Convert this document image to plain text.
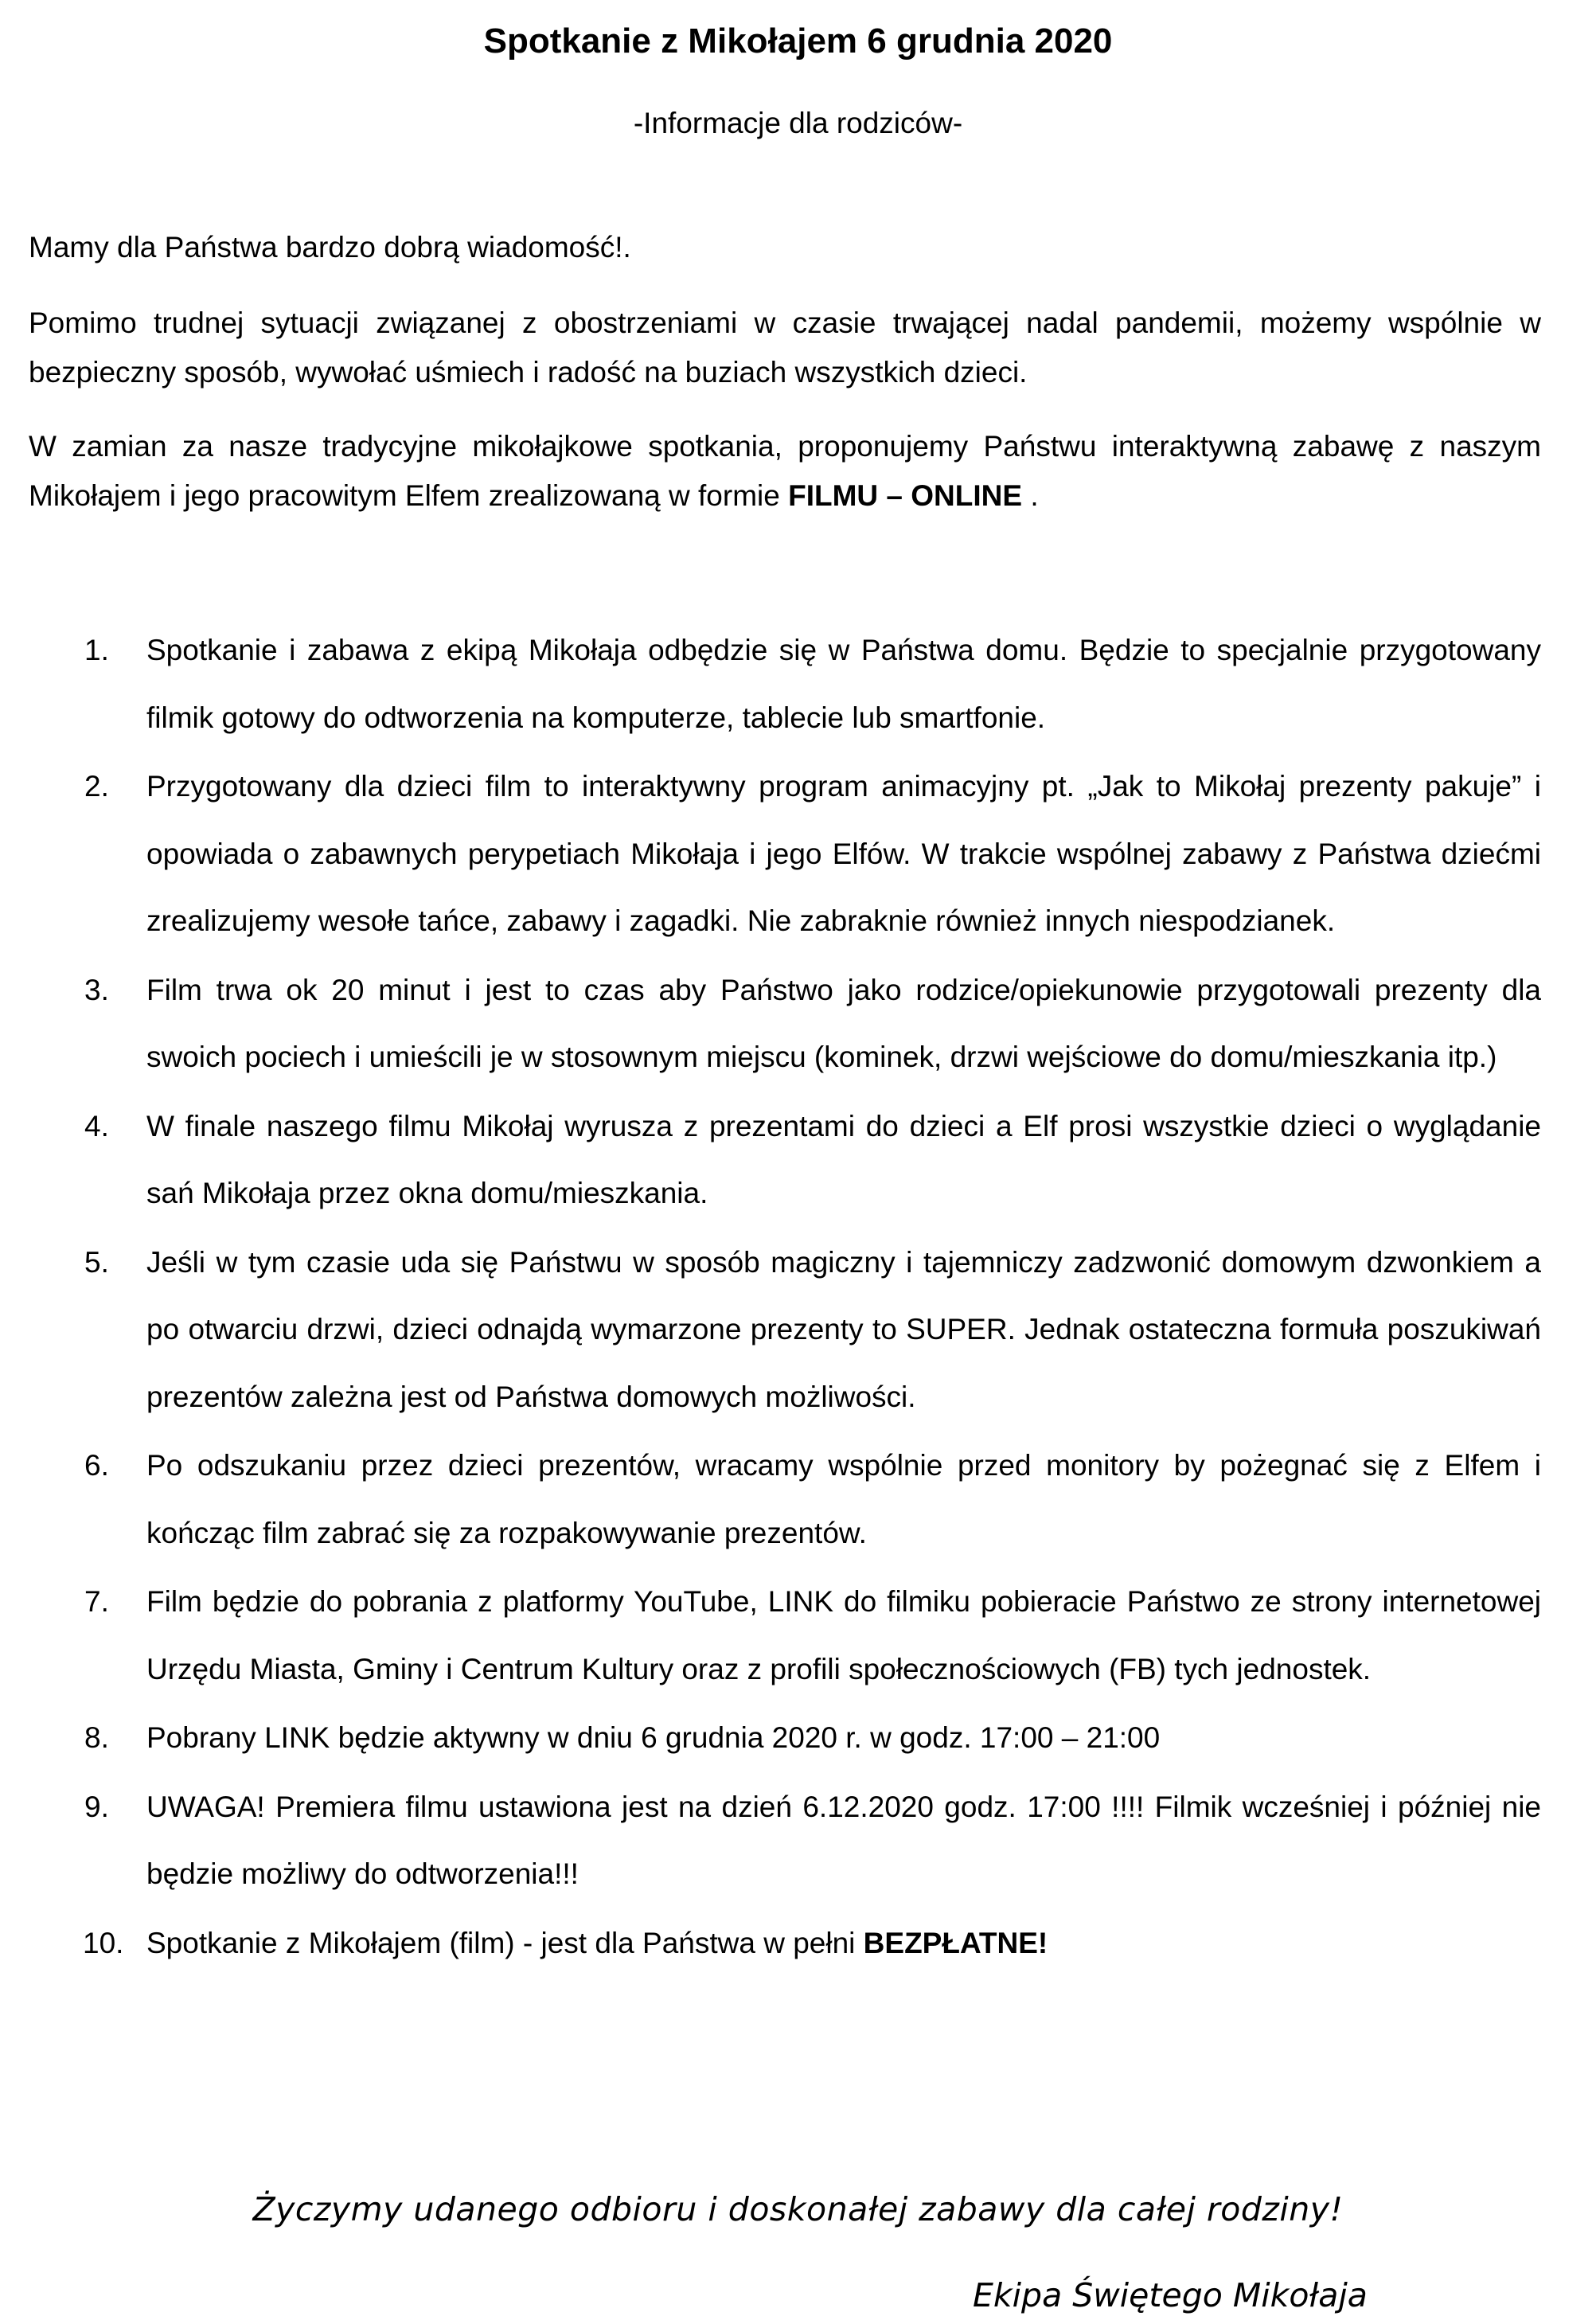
Spotkanie z Mikołajem 6 grudnia 2020

-Informacje dla rodziców-

Mamy dla Państwa bardzo dobrą wiadomość!.

Pomimo trudnej sytuacji związanej z obostrzeniami w czasie trwającej nadal pandemii, możemy wspólnie w bezpieczny sposób, wywołać uśmiech i radość na buziach wszystkich dzieci.

W zamian za nasze tradycyjne mikołajkowe spotkania, proponujemy Państwu interaktywną zabawę z naszym Mikołajem i jego pracowitym Elfem zrealizowaną w formie FILMU – ONLINE .

1. Spotkanie i zabawa z ekipą Mikołaja odbędzie się w Państwa domu. Będzie to specjalnie przygotowany filmik gotowy do odtworzenia na komputerze, tablecie lub smartfonie.
2. Przygotowany dla dzieci film to interaktywny program animacyjny pt. „Jak to Mikołaj prezenty pakuje” i opowiada o zabawnych perypetiach Mikołaja i jego Elfów. W trakcie wspólnej zabawy z Państwa dziećmi zrealizujemy wesołe tańce, zabawy i zagadki. Nie zabraknie również innych niespodzianek.
3. Film trwa ok 20 minut i jest to czas aby Państwo jako rodzice/opiekunowie przygotowali prezenty dla swoich pociech i umieścili je w stosownym miejscu (kominek, drzwi wejściowe do domu/mieszkania itp.)
4. W finale naszego filmu Mikołaj wyrusza z prezentami do dzieci a Elf prosi wszystkie dzieci o wyglądanie sań Mikołaja przez okna domu/mieszkania.
5. Jeśli w tym czasie uda się Państwu w sposób magiczny i tajemniczy zadzwonić domowym dzwonkiem a po otwarciu drzwi, dzieci odnajdą wymarzone prezenty to SUPER. Jednak ostateczna formuła poszukiwań prezentów zależna jest od Państwa domowych możliwości.
6. Po odszukaniu przez dzieci prezentów, wracamy wspólnie przed monitory by pożegnać się z Elfem i kończąc film zabrać się za rozpakowywanie prezentów.
7. Film będzie do pobrania z platformy YouTube, LINK do filmiku pobieracie Państwo ze strony internetowej Urzędu Miasta, Gminy i Centrum Kultury oraz z profili społecznościowych (FB) tych jednostek.
8. Pobrany LINK będzie aktywny w dniu 6 grudnia 2020 r. w godz. 17:00 – 21:00
9. UWAGA! Premiera filmu ustawiona jest na dzień 6.12.2020 godz. 17:00 !!!! Filmik wcześniej i później nie będzie możliwy do odtworzenia!!!
10. Spotkanie z Mikołajem (film) - jest dla Państwa w pełni BEZPŁATNE!

Życzymy udanego odbioru i doskonałej zabawy dla całej rodziny!

Ekipa Świętego Mikołaja
